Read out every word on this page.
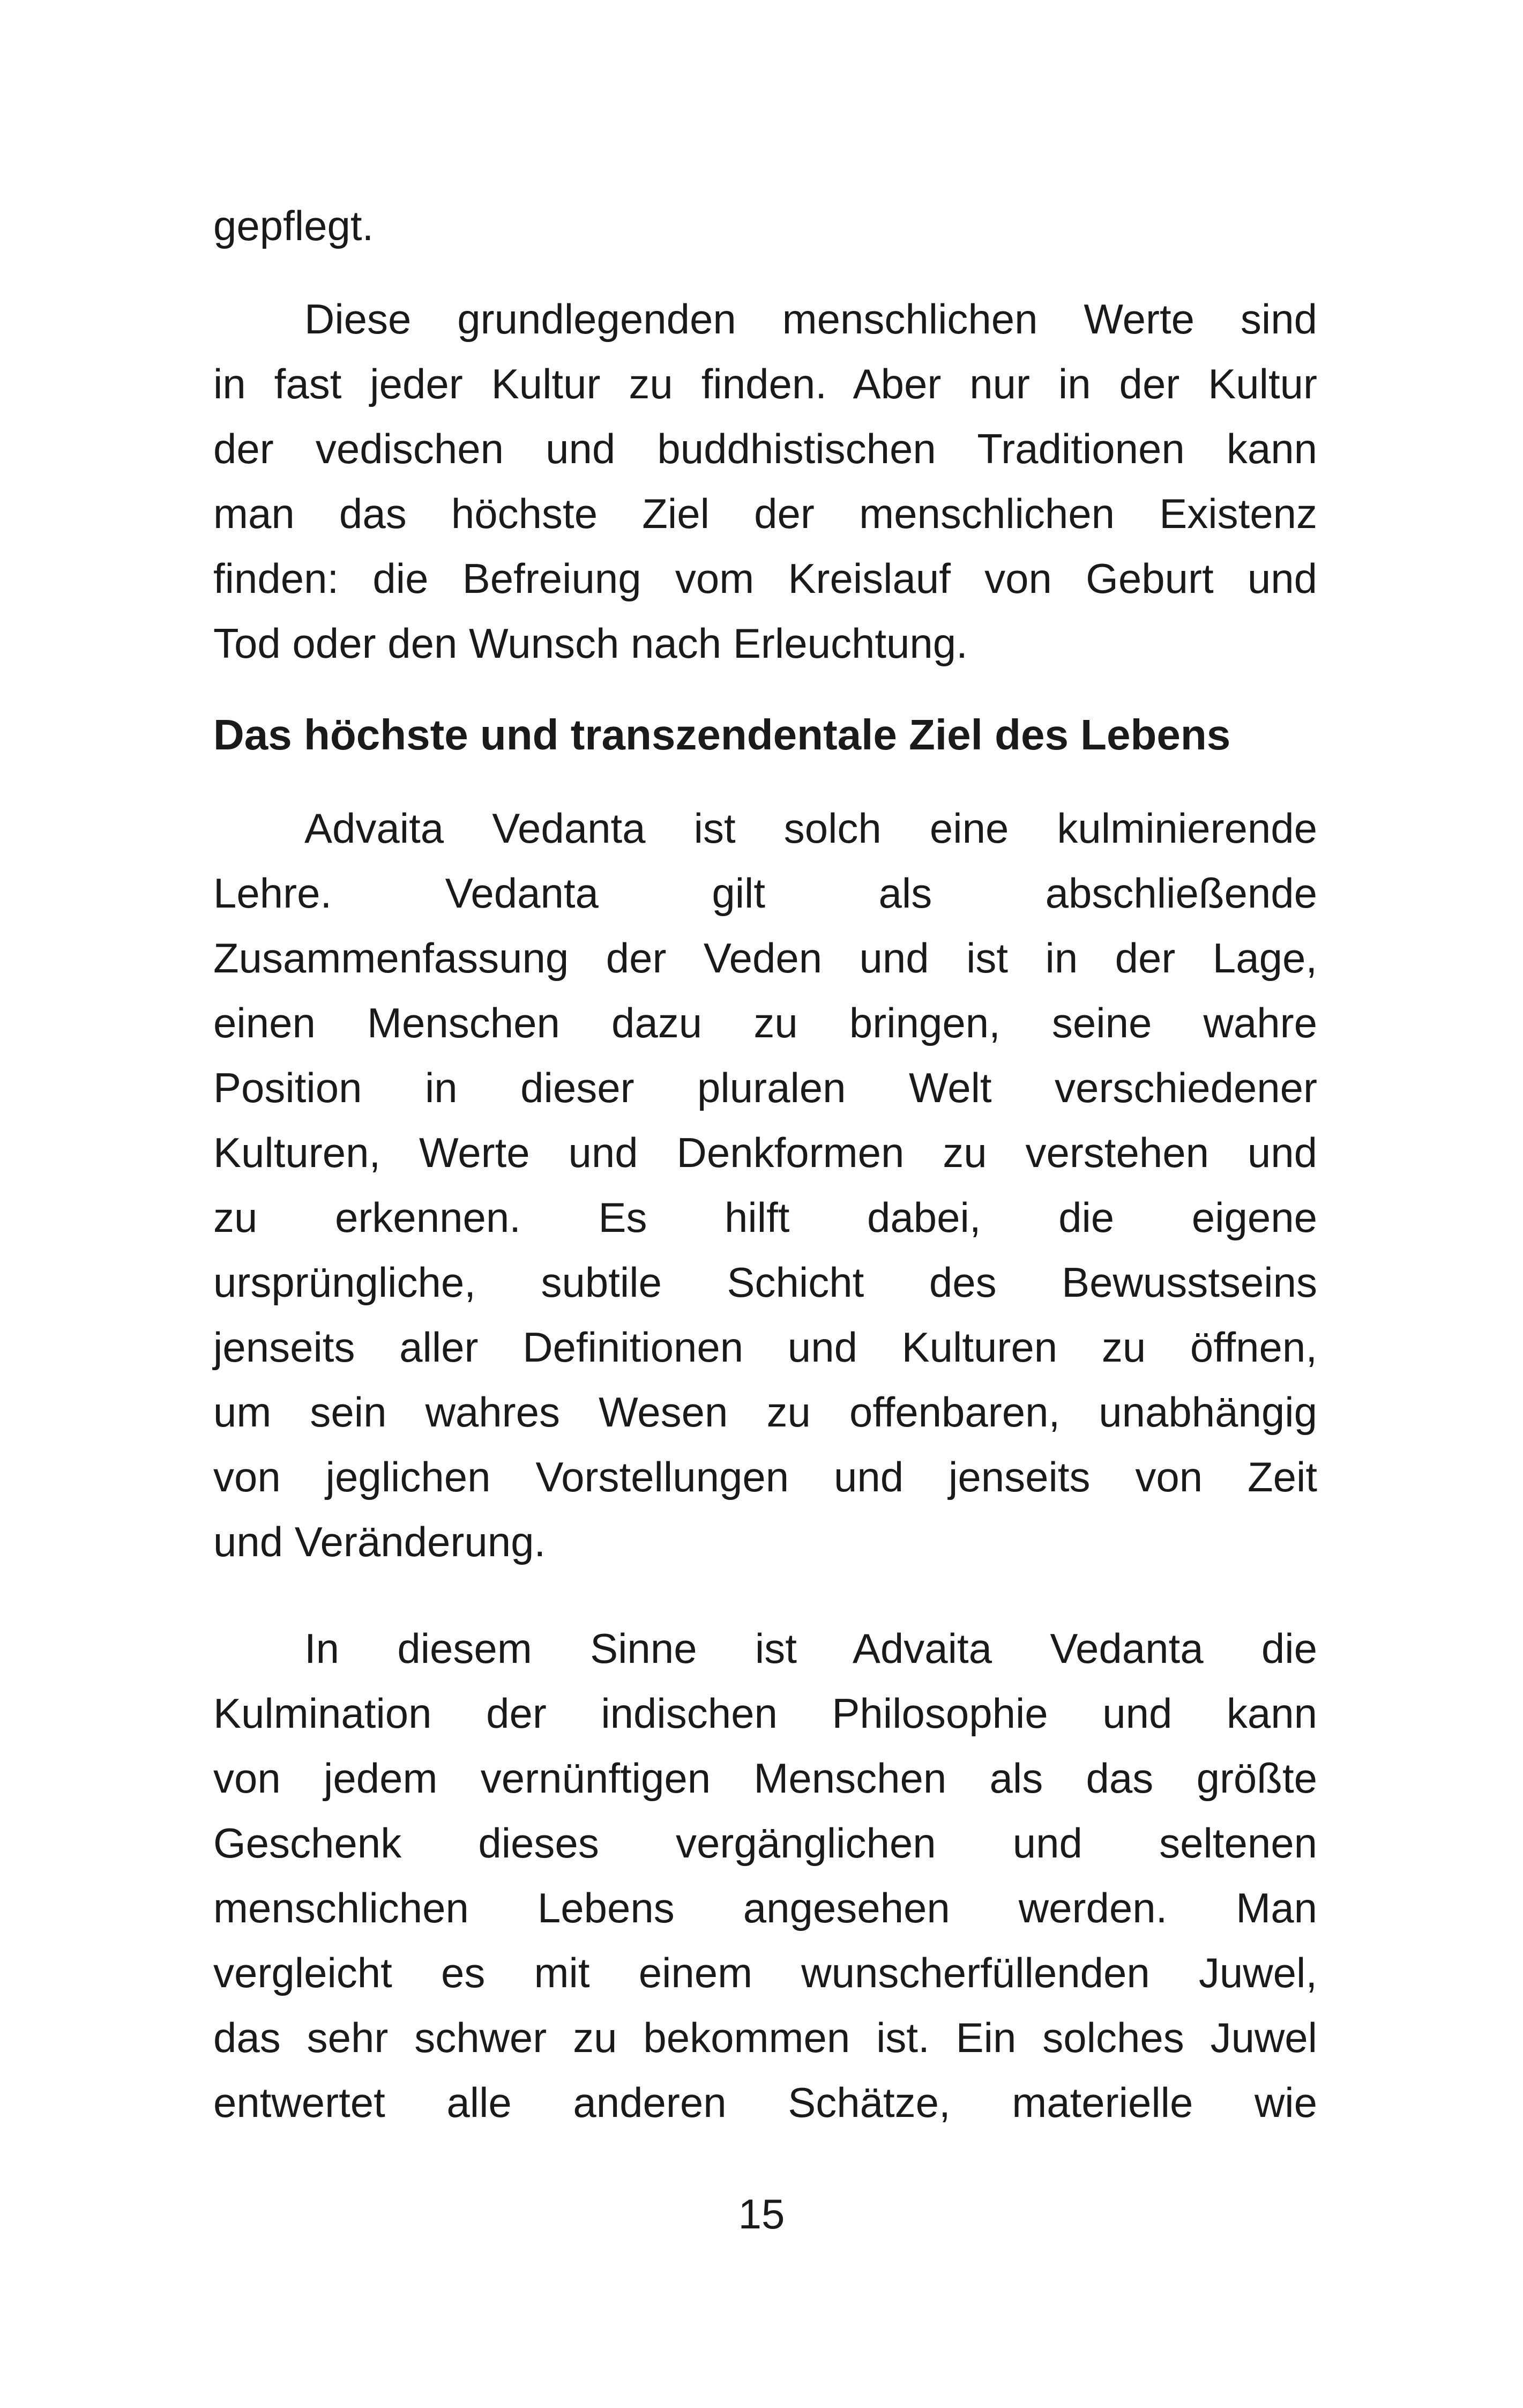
gepflegt.
Diese grundlegenden menschlichen Werte sind
in fast jeder Kultur zu finden. Aber nur in der Kultur
der vedischen und buddhistischen Traditionen kann
man das höchste Ziel der menschlichen Existenz
finden: die Befreiung vom Kreislauf von Geburt und
Tod oder den Wunsch nach Erleuchtung.
Das höchste und transzendentale Ziel des Lebens
Advaita Vedanta ist solch eine kulminierende
Lehre. Vedanta gilt als abschließende
Zusammenfassung der Veden und ist in der Lage,
einen Menschen dazu zu bringen, seine wahre
Position in dieser pluralen Welt verschiedener
Kulturen, Werte und Denkformen zu verstehen und
zu erkennen. Es hilft dabei, die eigene
ursprüngliche, subtile Schicht des Bewusstseins
jenseits aller Definitionen und Kulturen zu öffnen,
um sein wahres Wesen zu offenbaren, unabhängig
von jeglichen Vorstellungen und jenseits von Zeit
und Veränderung.
In diesem Sinne ist Advaita Vedanta die
Kulmination der indischen Philosophie und kann
von jedem vernünftigen Menschen als das größte
Geschenk dieses vergänglichen und seltenen
menschlichen Lebens angesehen werden. Man
vergleicht es mit einem wunscherfüllenden Juwel,
das sehr schwer zu bekommen ist. Ein solches Juwel
entwertet alle anderen Schätze, materielle wie
15
